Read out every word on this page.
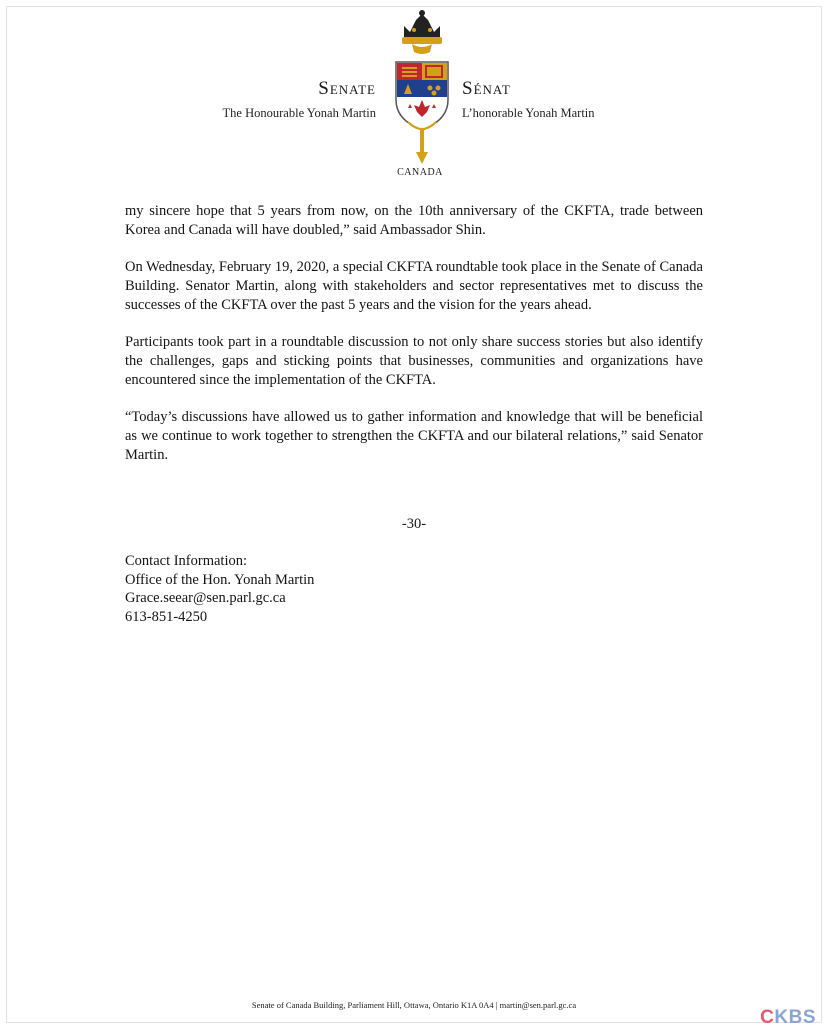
Senate
The Honourable Yonah Martin
Sénat
L’honorable Yonah Martin
CANADA

my sincere hope that 5 years from now, on the 10th anniversary of the CKFTA, trade between Korea and Canada will have doubled,” said Ambassador Shin.

On Wednesday, February 19, 2020, a special CKFTA roundtable took place in the Senate of Canada Building. Senator Martin, along with stakeholders and sector representatives met to discuss the successes of the CKFTA over the past 5 years and the vision for the years ahead.

Participants took part in a roundtable discussion to not only share success stories but also identify the challenges, gaps and sticking points that businesses, communities and organizations have encountered since the implementation of the CKFTA.

“Today’s discussions have allowed us to gather information and knowledge that will be beneficial as we continue to work together to strengthen the CKFTA and our bilateral relations,” said Senator Martin.

-30-
Contact Information:
Office of the Hon. Yonah Martin
Grace.seear@sen.parl.gc.ca
613-851-4250
Senate of Canada Building, Parliament Hill, Ottawa, Ontario K1A 0A4 | martin@sen.parl.gc.ca
CKBS
